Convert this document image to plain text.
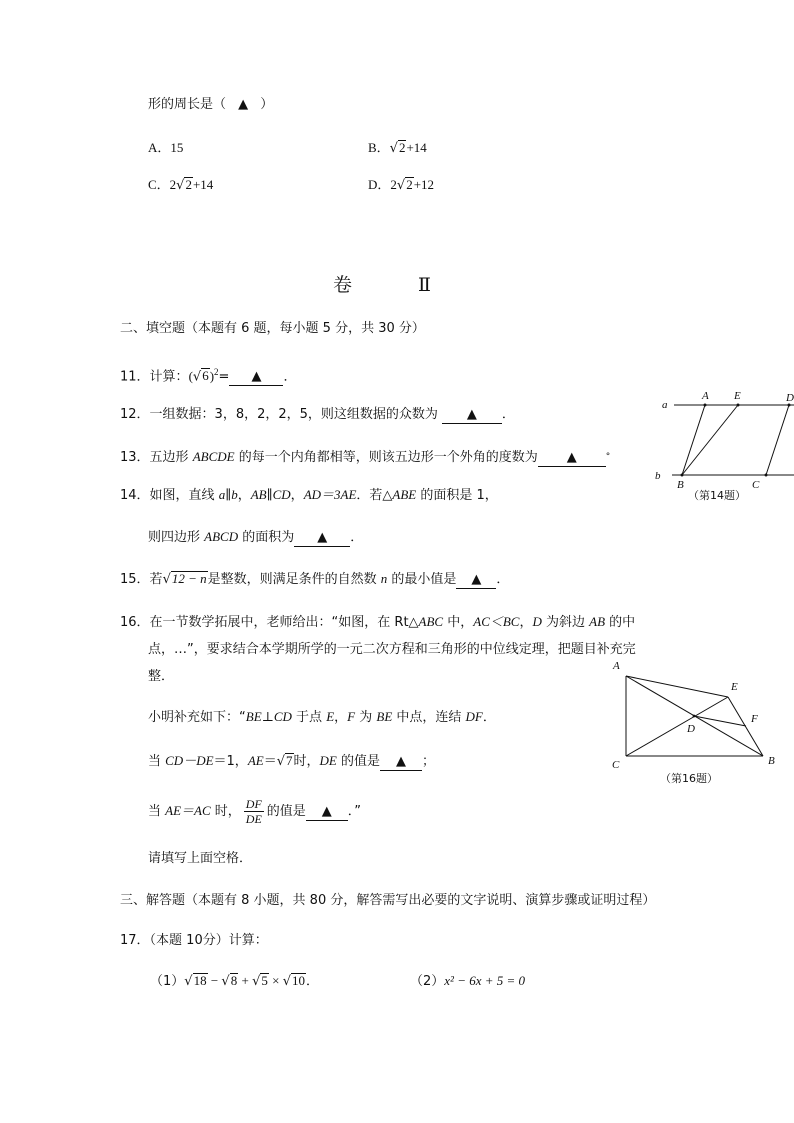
形的周长是（ ▲ ）
A．15	B．√2+14
C．2√2+14	D．2√2+12
卷 Ⅱ
二、填空题（本题有 6 题，每小题 5 分，共 30 分）
11．计算：$(√6)^2=$ ▲ ．
12．一组数据：3，8，2，2，5，则这组数据的众数为 ▲ ．
13．五边形 ABCDE 的每一个内角都相等，则该五边形一个外角的度数为 ▲	°
14．如图，直线 a∥b，AB∥CD，AD＝3AE．若△ABE 的面积是 1，
则四边形 ABCD 的面积为 ▲ ．
a
b
A E	D
B	C
（第14题）
15．若√12 − n是整数，则满足条件的自然数 n 的最小值是 ▲ ．
16．在一节数学拓展中，老师给出：“如图，在 Rt△ABC 中，AC＜BC，D 为斜边 AB 的中
点，…”，要求结合本学期所学的一元二次方程和三角形的中位线定理，把题目补充完
整．
小明补充如下：“BE⊥CD 于点 E，F 为 BE 中点，连结 DF．
当 CD－DE＝1，AE＝√7时，DE 的值是 ▲ ；
当 AE＝AC 时， $\frac{DF}{DE}$ 的值是 ▲ ．”
请填写上面空格．
A
E
F
D
C	B
（第16题）
三、解答题（本题有 8 小题，共 80 分，解答需写出必要的文字说明、演算步骤或证明过程）
17．（本题 10分）计算：
（1）√18 − √8 + √5 × √10．	（2）x² − 6x + 5 = 0
